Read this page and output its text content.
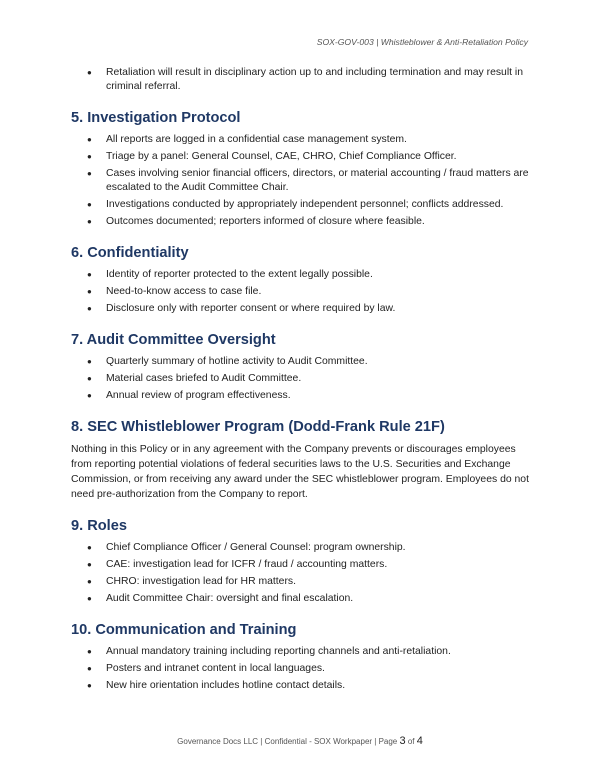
SOX-GOV-003 | Whistleblower & Anti-Retaliation Policy
● Retaliation will result in disciplinary action up to and including termination and may result in criminal referral.
5. Investigation Protocol
● All reports are logged in a confidential case management system.
● Triage by a panel: General Counsel, CAE, CHRO, Chief Compliance Officer.
● Cases involving senior financial officers, directors, or material accounting / fraud matters are escalated to the Audit Committee Chair.
● Investigations conducted by appropriately independent personnel; conflicts addressed.
● Outcomes documented; reporters informed of closure where feasible.
6. Confidentiality
● Identity of reporter protected to the extent legally possible.
● Need-to-know access to case file.
● Disclosure only with reporter consent or where required by law.
7. Audit Committee Oversight
● Quarterly summary of hotline activity to Audit Committee.
● Material cases briefed to Audit Committee.
● Annual review of program effectiveness.
8. SEC Whistleblower Program (Dodd-Frank Rule 21F)

Nothing in this Policy or in any agreement with the Company prevents or discourages employees from reporting potential violations of federal securities laws to the U.S. Securities and Exchange Commission, or from receiving any award under the SEC whistleblower program. Employees do not need pre-authorization from the Company to report.

9. Roles
● Chief Compliance Officer / General Counsel: program ownership.
● CAE: investigation lead for ICFR / fraud / accounting matters.
● CHRO: investigation lead for HR matters.
● Audit Committee Chair: oversight and final escalation.
10. Communication and Training
● Annual mandatory training including reporting channels and anti-retaliation.
● Posters and intranet content in local languages.
● New hire orientation includes hotline contact details.
Governance Docs LLC | Confidential - SOX Workpaper | Page 3 of 4
